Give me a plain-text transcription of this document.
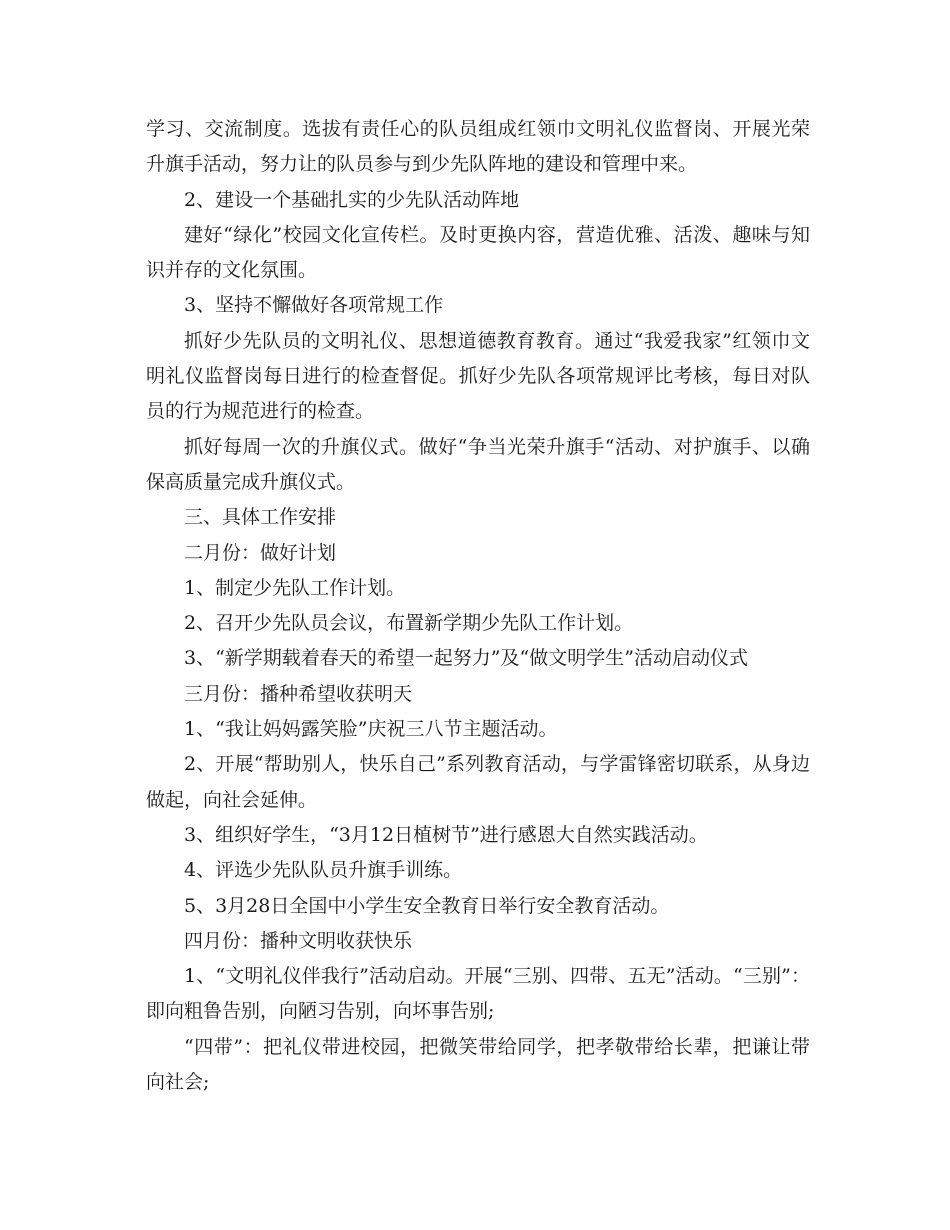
学习、交流制度。选拔有责任心的队员组成红领巾文明礼仪监督岗、开展光荣升旗手活动，努力让的队员参与到少先队阵地的建设和管理中来。

2、建设一个基础扎实的少先队活动阵地

建好“绿化”校园文化宣传栏。及时更换内容，营造优雅、活泼、趣味与知识并存的文化氛围。

3、坚持不懈做好各项常规工作

抓好少先队员的文明礼仪、思想道德教育教育。通过“我爱我家”红领巾文明礼仪监督岗每日进行的检查督促。抓好少先队各项常规评比考核，每日对队员的行为规范进行的检查。

抓好每周一次的升旗仪式。做好“争当光荣升旗手“活动、对护旗手、以确保高质量完成升旗仪式。

三、具体工作安排

二月份：做好计划

1、制定少先队工作计划。

2、召开少先队员会议，布置新学期少先队工作计划。

3、“新学期载着春天的希望一起努力”及“做文明学生”活动启动仪式

三月份：播种希望收获明天

1、“我让妈妈露笑脸”庆祝三八节主题活动。

2、开展“帮助别人，快乐自己”系列教育活动，与学雷锋密切联系，从身边做起，向社会延伸。

3、组织好学生，“3月12日植树节”进行感恩大自然实践活动。

4、评选少先队队员升旗手训练。

5、3月28日全国中小学生安全教育日举行安全教育活动。

四月份：播种文明收获快乐

1、“文明礼仪伴我行”活动启动。开展“三别、四带、五无”活动。“三别”：即向粗鲁告别，向陋习告别，向坏事告别;

“四带”：把礼仪带进校园，把微笑带给同学，把孝敬带给长辈，把谦让带向社会;
